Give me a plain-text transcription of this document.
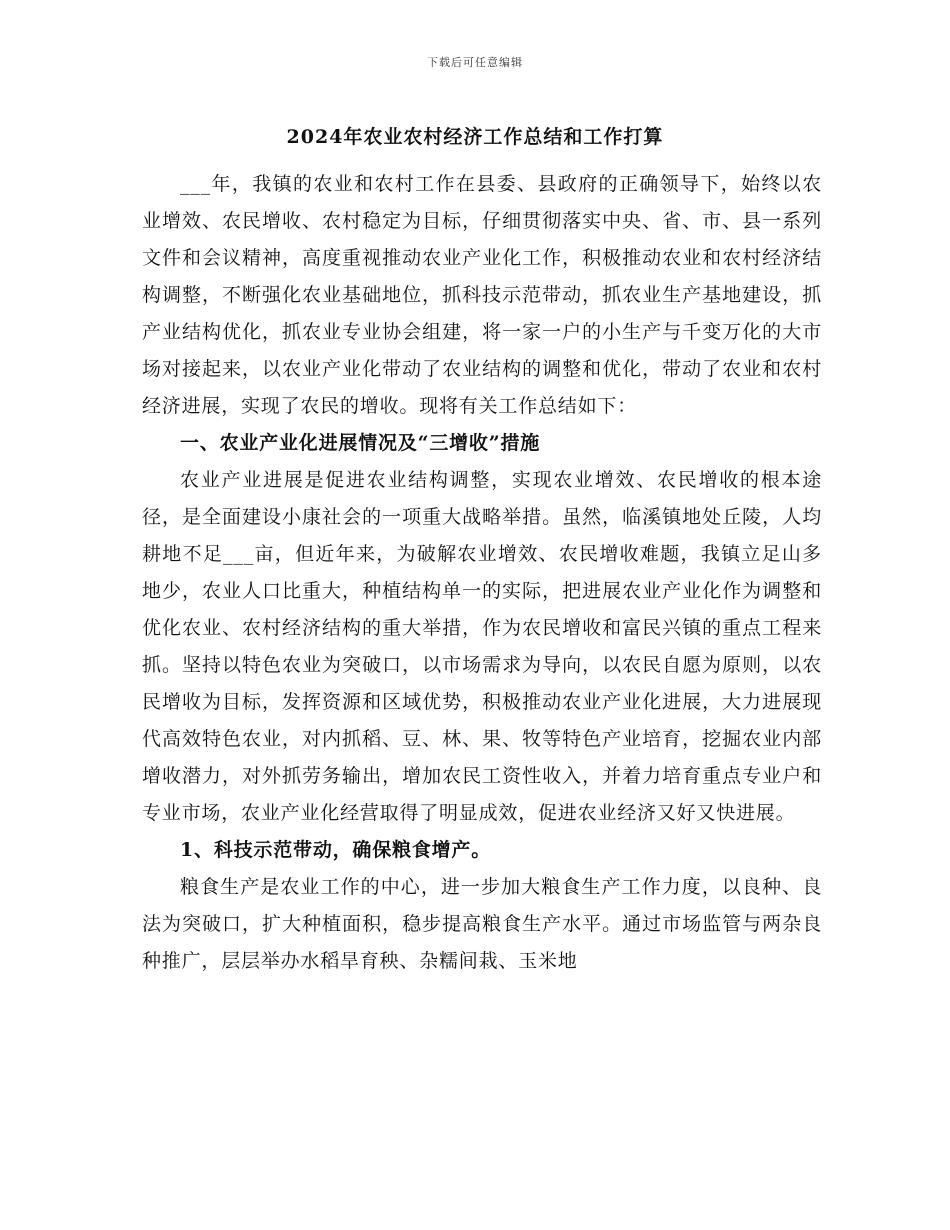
下载后可任意编辑
2024年农业农村经济工作总结和工作打算

___年，我镇的农业和农村工作在县委、县政府的正确领导下，始终以农业增效、农民增收、农村稳定为目标，仔细贯彻落实中央、省、市、县一系列文件和会议精神，高度重视推动农业产业化工作，积极推动农业和农村经济结构调整，不断强化农业基础地位，抓科技示范带动，抓农业生产基地建设，抓产业结构优化，抓农业专业协会组建，将一家一户的小生产与千变万化的大市场对接起来，以农业产业化带动了农业结构的调整和优化，带动了农业和农村经济进展，实现了农民的增收。现将有关工作总结如下：

一、农业产业化进展情况及“三增收”措施

农业产业进展是促进农业结构调整，实现农业增效、农民增收的根本途径，是全面建设小康社会的一项重大战略举措。虽然，临溪镇地处丘陵，人均耕地不足___亩，但近年来，为破解农业增效、农民增收难题，我镇立足山多地少，农业人口比重大，种植结构单一的实际，把进展农业产业化作为调整和优化农业、农村经济结构的重大举措，作为农民增收和富民兴镇的重点工程来抓。坚持以特色农业为突破口，以市场需求为导向，以农民自愿为原则，以农民增收为目标，发挥资源和区域优势，积极推动农业产业化进展，大力进展现代高效特色农业，对内抓稻、豆、林、果、牧等特色产业培育，挖掘农业内部增收潜力，对外抓劳务输出，增加农民工资性收入，并着力培育重点专业户和专业市场，农业产业化经营取得了明显成效，促进农业经济又好又快进展。

1、科技示范带动，确保粮食增产。

粮食生产是农业工作的中心，进一步加大粮食生产工作力度，以良种、良法为突破口，扩大种植面积，稳步提高粮食生产水平。通过市场监管与两杂良种推广，层层举办水稻旱育秧、杂糯间栽、玉米地
